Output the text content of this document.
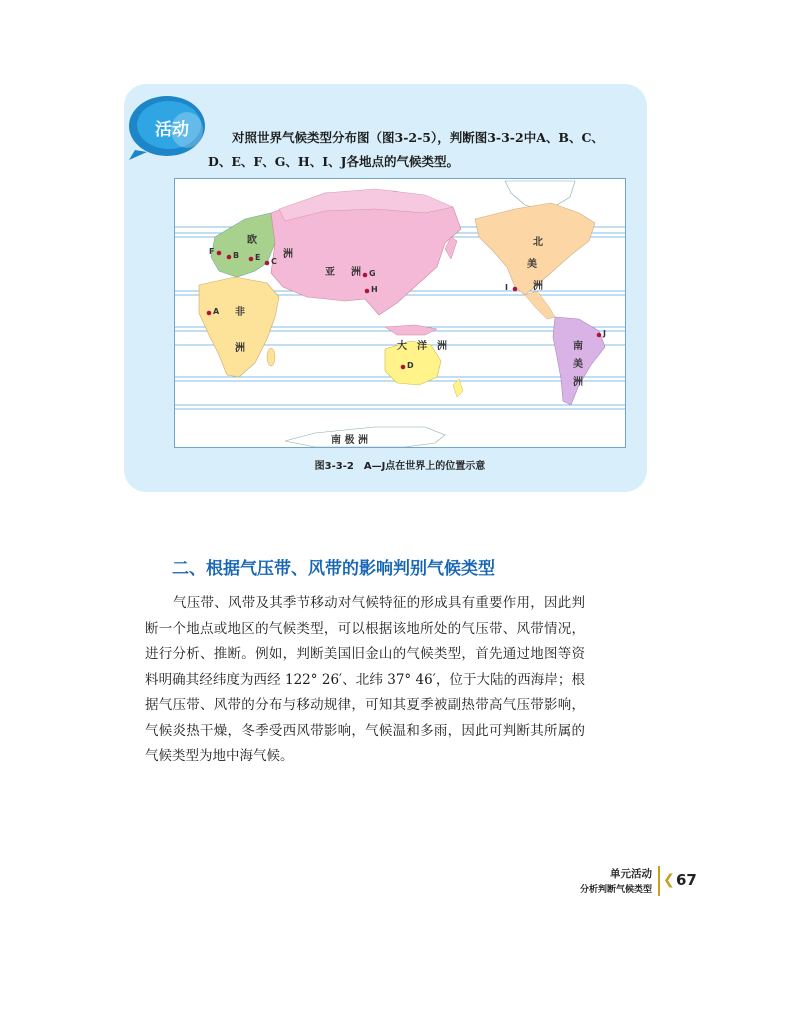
活动	对照世界气候类型分布图（图3-2-5），判断图3-3-2中A、B、C、
D、E、F、G、H、I、J各地点的气候类型。
欧
洲
亚 洲
非
洲
北
美
洲
南
美
洲
大　洋　洲
南 极 洲
A
B
C
D
E
F
G
H	I
J
图3-3-2　A—J点在世界上的位置示意
二、根据气压带、风带的影响判别气候类型

气压带、风带及其季节移动对气候特征的形成具有重要作用，因此判断一个地点或地区的气候类型，可以根据该地所处的气压带、风带情况，进行分析、推断。例如，判断美国旧金山的气候类型，首先通过地图等资料明确其经纬度为西经 122° 26′、北纬 37° 46′，位于大陆的西海岸；根据气压带、风带的分布与移动规律，可知其夏季被副热带高气压带影响，气候炎热干燥，冬季受西风带影响，气候温和多雨，因此可判断其所属的气候类型为地中海气候。

单元活动
分析判断气候类型
❮ 67
